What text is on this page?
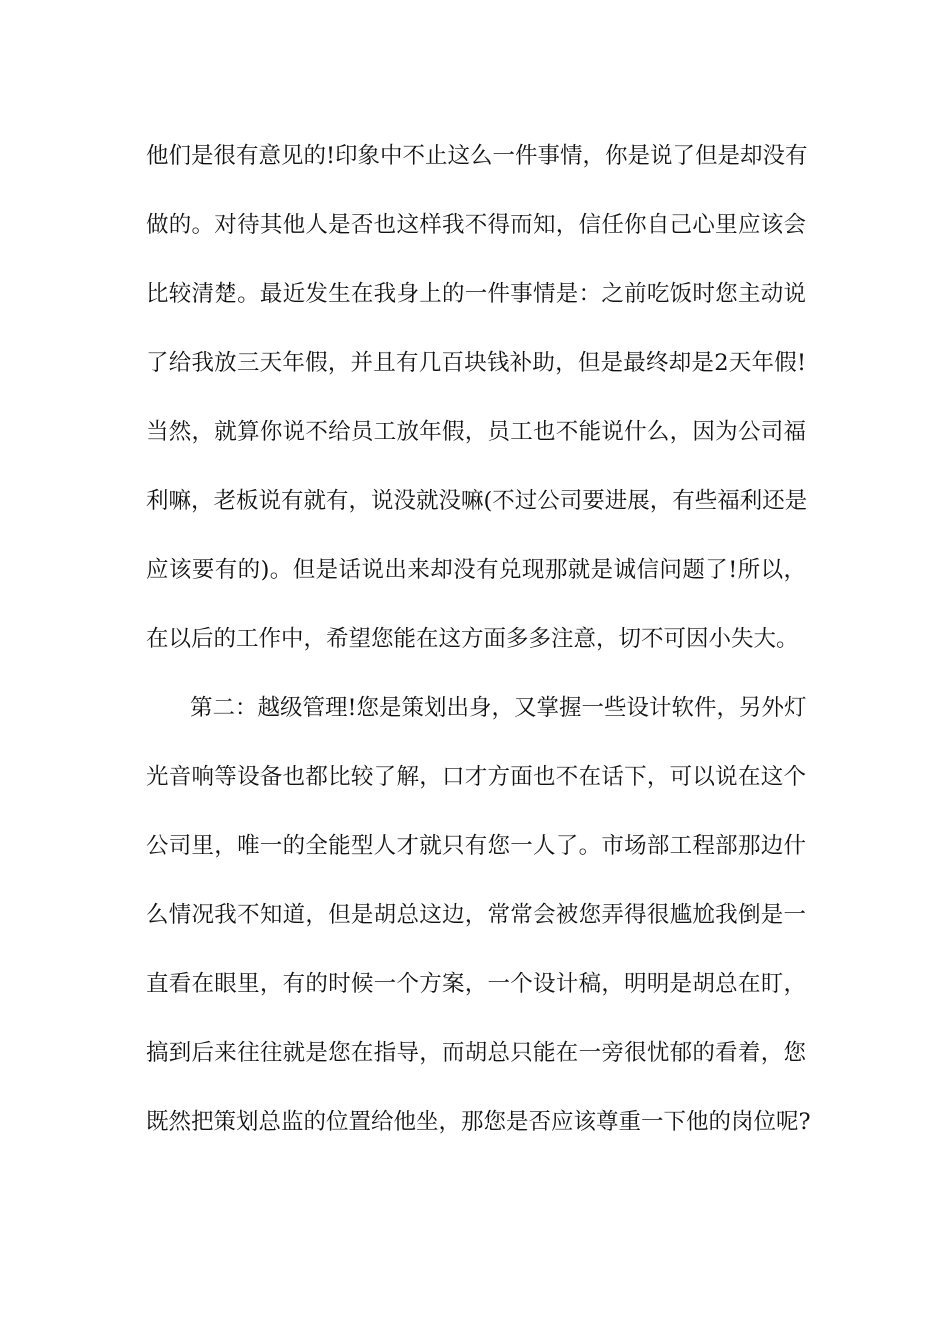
他们是很有意见的!印象中不止这么一件事情，你是说了但是却没有
做的。对待其他人是否也这样我不得而知，信任你自己心里应该会
比较清楚。最近发生在我身上的一件事情是：之前吃饭时您主动说
了给我放三天年假，并且有几百块钱补助，但是最终却是2天年假!
当然，就算你说不给员工放年假，员工也不能说什么，因为公司福
利嘛，老板说有就有，说没就没嘛(不过公司要进展，有些福利还是
应该要有的)。但是话说出来却没有兑现那就是诚信问题了!所以，
在以后的工作中，希望您能在这方面多多注意，切不可因小失大。
第二：越级管理!您是策划出身，又掌握一些设计软件，另外灯
光音响等设备也都比较了解，口才方面也不在话下，可以说在这个
公司里，唯一的全能型人才就只有您一人了。市场部工程部那边什
么情况我不知道，但是胡总这边，常常会被您弄得很尴尬我倒是一
直看在眼里，有的时候一个方案，一个设计稿，明明是胡总在盯，
搞到后来往往就是您在指导，而胡总只能在一旁很忧郁的看着，您
既然把策划总监的位置给他坐，那您是否应该尊重一下他的岗位呢?
